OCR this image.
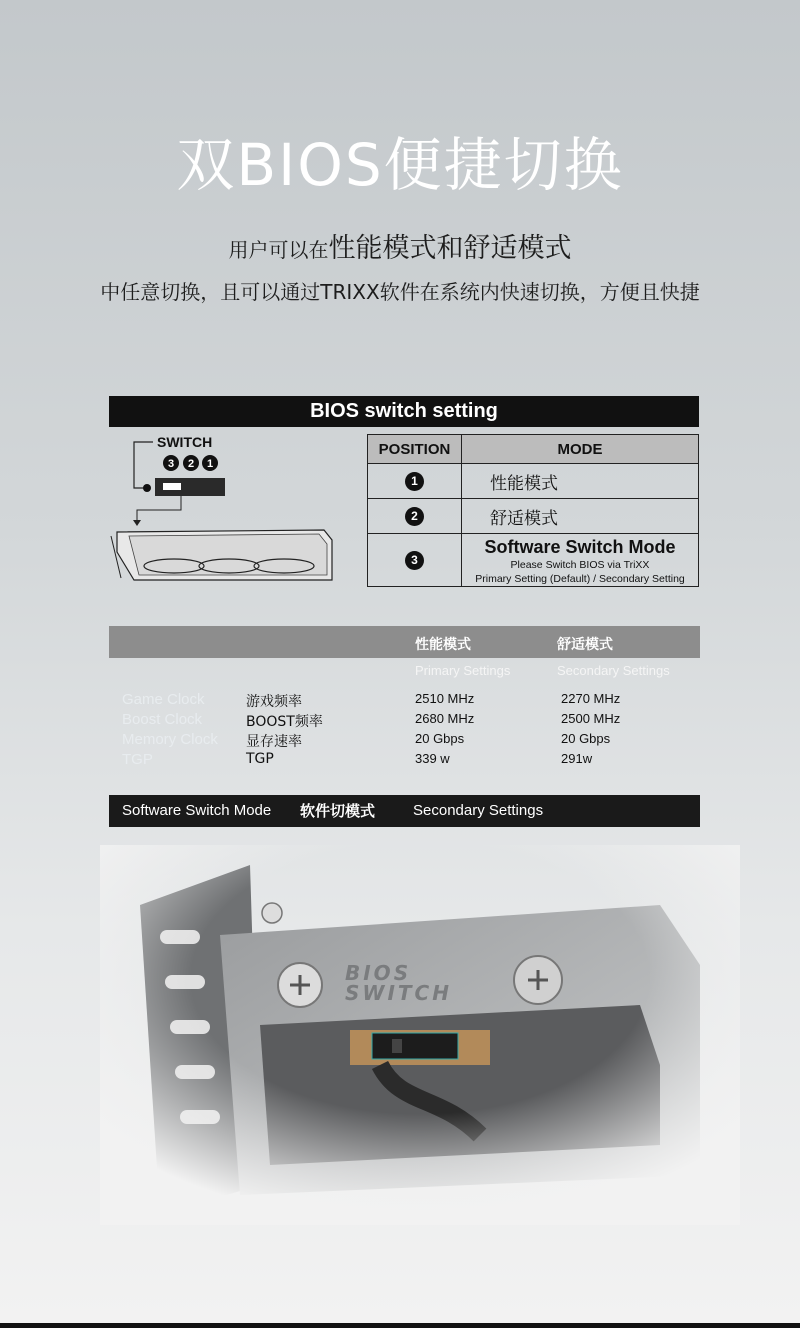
双BIOS便捷切换
用户可以在性能模式和舒适模式
中任意切换，且可以通过TRIXX软件在系统内快速切换，方便且快捷
BIOS switch setting
SWITCH
3 2 1
POSITION	MODE
1	性能模式
2	舒适模式
3	Software Switch Mode
Please Switch BIOS via TriXX
Primary Setting (Default) / Secondary Setting
性能模式	舒适模式
Primary Settings	Secondary Settings
Game Clock	游戏频率	2510 MHz	2270 MHz
Boost Clock	BOOST频率	2680 MHz	2500 MHz
Memory Clock 显存速率	20 Gbps	20 Gbps
TGP	TGP	339 w	291w
Software Switch Mode 软件切模式	Secondary Settings
